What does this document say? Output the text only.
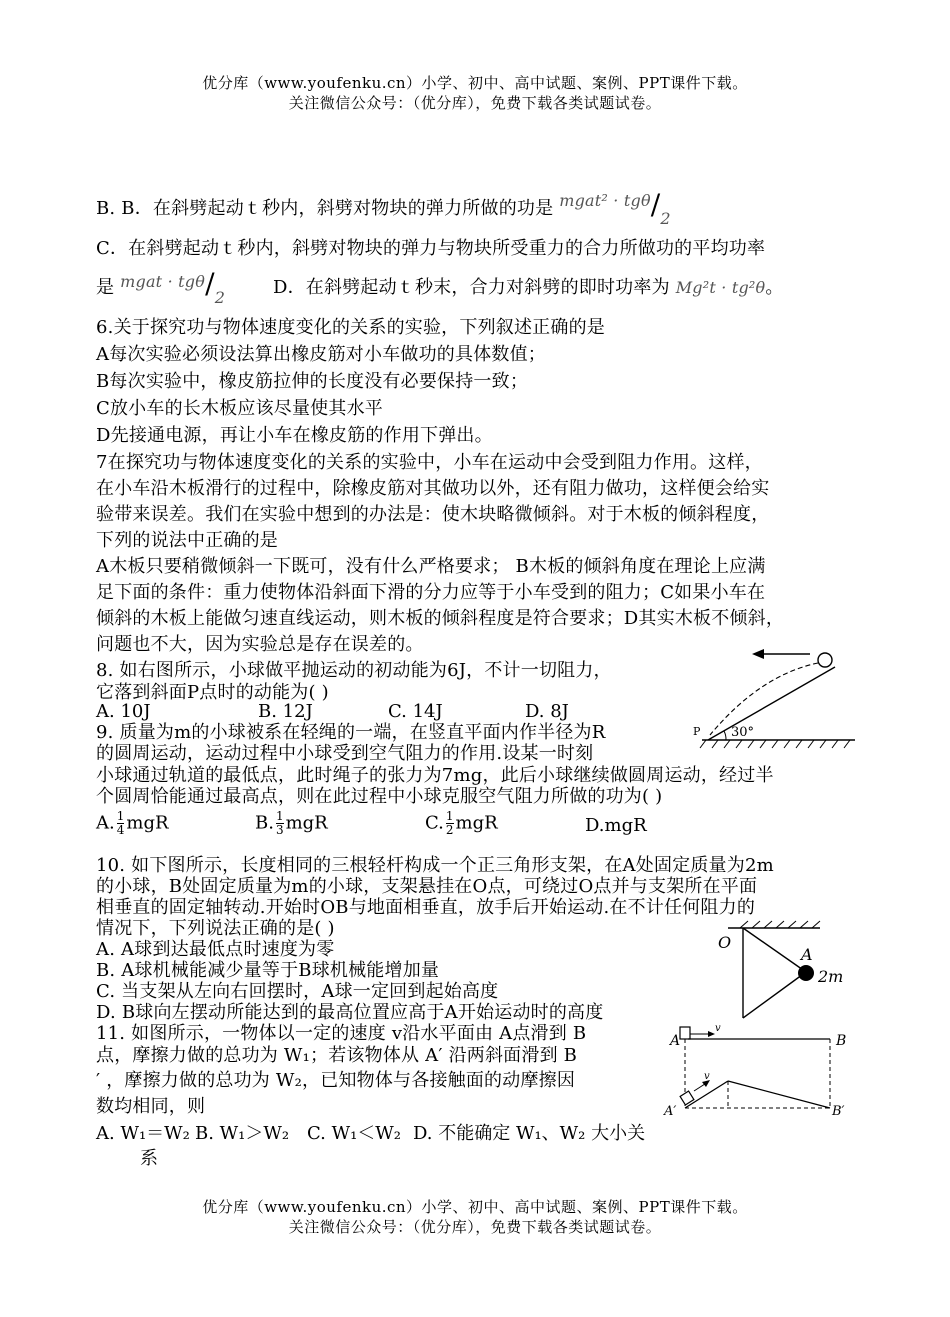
优分库（www.youfenku.cn）小学、初中、高中试题、案例、PPT课件下载。
关注微信公众号：（优分库），免费下载各类试题试卷。
B. B．在斜劈起动ｔ秒内，斜劈对物块的弹力所做的功是 mgat² · tgθ/2
C．在斜劈起动ｔ秒内，斜劈对物块的弹力与物块所受重力的合力所做功的平均功率
是 mgat · tgθ/2	D．在斜劈起动ｔ秒末，合力对斜劈的即时功率为 Mg²t · tg²θ。
6.关于探究功与物体速度变化的关系的实验，下列叙述正确的是
A每次实验必须设法算出橡皮筋对小车做功的具体数值；
B每次实验中，橡皮筋拉伸的长度没有必要保持一致；
C放小车的长木板应该尽量使其水平
D先接通电源，再让小车在橡皮筋的作用下弹出。
7在探究功与物体速度变化的关系的实验中，小车在运动中会受到阻力作用。这样，
在小车沿木板滑行的过程中，除橡皮筋对其做功以外，还有阻力做功，这样便会给实
验带来误差。我们在实验中想到的办法是：使木块略微倾斜。对于木板的倾斜程度，
下列的说法中正确的是
A木板只要稍微倾斜一下既可，没有什么严格要求； B木板的倾斜角度在理论上应满
足下面的条件：重力使物体沿斜面下滑的分力应等于小车受到的阻力；C如果小车在
倾斜的木板上能做匀速直线运动，则木板的倾斜程度是符合要求；D其实木板不倾斜，
问题也不大，因为实验总是存在误差的。
8. 如右图所示，小球做平抛运动的初动能为6J，不计一切阻力，
它落到斜面P点时的动能为( )
A. 10J	B. 12J	C. 14J	D. 8J
30°
P
9. 质量为m的小球被系在轻绳的一端，在竖直平面内作半径为R
的圆周运动，运动过程中小球受到空气阻力的作用.设某一时刻
小球通过轨道的最低点，此时绳子的张力为7mg，此后小球继续做圆周运动，经过半
个圆周恰能通过最高点，则在此过程中小球克服空气阻力所做的功为( )
A. $\frac{1}{4}$ mgR	B. $\frac{1}{3}$ mgR	C. $\frac{1}{2}$ mgR	D.mgR
10. 如下图所示，长度相同的三根轻杆构成一个正三角形支架，在A处固定质量为2m
的小球，B处固定质量为m的小球，支架悬挂在O点，可绕过O点并与支架所在平面
相垂直的固定轴转动.开始时OB与地面相垂直，放手后开始运动.在不计任何阻力的
情况下，下列说法正确的是( )
A. A球到达最低点时速度为零
B. A球机械能减少量等于B球机械能增加量
C. 当支架从左向右回摆时，A球一定回到起始高度
D. B球向左摆动所能达到的最高位置应高于A开始运动时的高度
O
A
2m
11. 如图所示，一物体以一定的速度 v沿水平面由 A点滑到 B
点，摩擦力做的总功为 W₁；若该物体从 A′ 沿两斜面滑到 B
′ ，摩擦力做的总功为 W₂，已知物体与各接触面的动摩擦因
数均相同，则
A. W₁＝W₂ B. W₁＞W₂ C. W₁＜W₂ D. 不能确定 W₁、W₂ 大小关
系
v
A	B
v
A′	B′
优分库（www.youfenku.cn）小学、初中、高中试题、案例、PPT课件下载。
关注微信公众号：（优分库），免费下载各类试题试卷。
